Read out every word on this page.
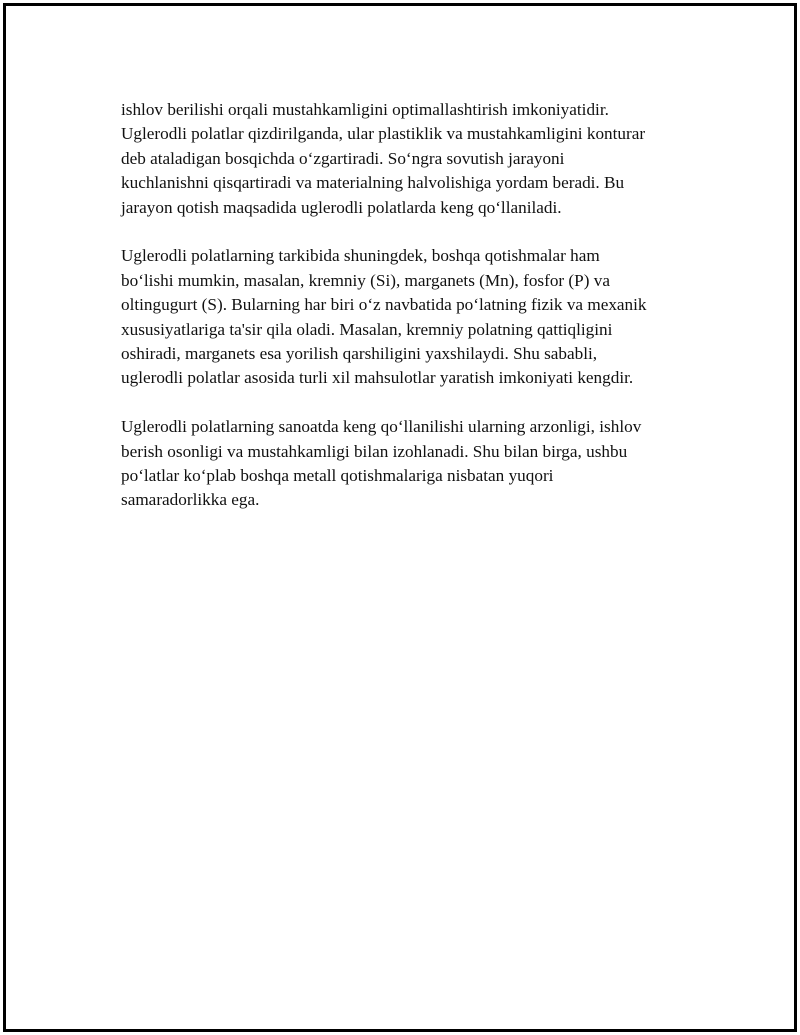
ishlov berilishi orqali mustahkamligini optimallashtirish imkoniyatidir.
Uglerodli polatlar qizdirilganda, ular plastiklik va mustahkamligini konturar
deb ataladigan bosqichda o‘zgartiradi. So‘ngra sovutish jarayoni
kuchlanishni qisqartiradi va materialning halvolishiga yordam beradi. Bu
jarayon qotish maqsadida uglerodli polatlarda keng qo‘llaniladi.

Uglerodli polatlarning tarkibida shuningdek, boshqa qotishmalar ham
bo‘lishi mumkin, masalan, kremniy (Si), marganets (Mn), fosfor (P) va
oltingugurt (S). Bularning har biri o‘z navbatida po‘latning fizik va mexanik
xususiyatlariga ta'sir qila oladi. Masalan, kremniy polatning qattiqligini
oshiradi, marganets esa yorilish qarshiligini yaxshilaydi. Shu sababli,
uglerodli polatlar asosida turli xil mahsulotlar yaratish imkoniyati kengdir.

Uglerodli polatlarning sanoatda keng qo‘llanilishi ularning arzonligi, ishlov
berish osonligi va mustahkamligi bilan izohlanadi. Shu bilan birga, ushbu
po‘latlar ko‘plab boshqa metall qotishmalariga nisbatan yuqori
samaradorlikka ega.
